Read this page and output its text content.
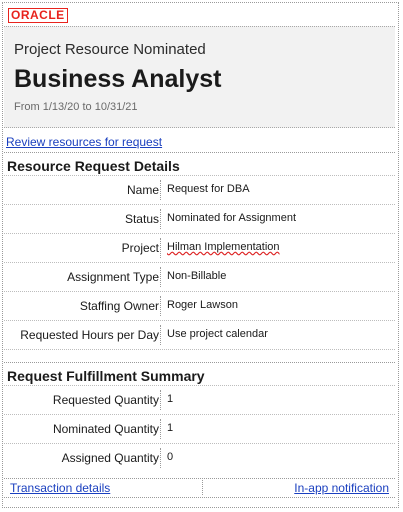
ORACLE
Project Resource Nominated
Business Analyst
From 1/13/20 to 10/31/21
Review resources for request
Resource Request Details
Name Request for DBA
Status Nominated for Assignment
Project Hilman Implementation
Assignment Type Non-Billable
Staffing Owner Roger Lawson
Requested Hours per Day Use project calendar
Request Fulfillment Summary
Requested Quantity 1
Nominated Quantity 1
Assigned Quantity 0
Transaction details	In-app notification
